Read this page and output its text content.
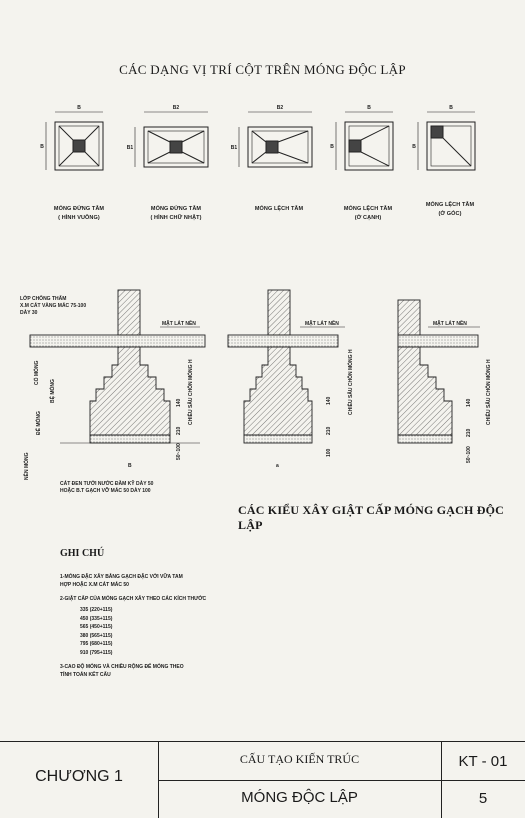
CÁC DẠNG VỊ TRÍ CỘT TRÊN MÓNG ĐỘC LẬP
B
B
B2
B1
B2
B1
B
B
B
B
MÓNG ĐỨNG TÂM
( HÌNH VUÔNG)
MÓNG ĐỨNG TÂM
( HÌNH CHỮ NHẬT)
MÓNG LỆCH TÂM	MÓNG LỆCH TÂM
(Ở CẠNH)
MÓNG LỆCH TÂM
(Ở GÓC)
LỚP CHỐNG THẤM
X.M CÁT VÀNG MÁC 75-100
DÀY 30
MẶT LÁT NỀN	MẶT LÁT NỀN	MẶT LÁT NỀN
B	a
CÁT ĐEN TƯỚI NƯỚC ĐẦM KỸ DÀY 50
HOẶC B.T GẠCH VỠ MÁC 50 DÀY 100
CỔ MÓNG
BỆ MÓNG
ĐẾ MÓNG
NỀN MÓNG
CHIỀU SÂU CHÔN MÓNG H	CHIỀU SÂU CHÔN MÓNG H	CHIỀU SÂU CHÔN MÓNG H
140
210
50~100
140
210
100
140
210
50~100
CÁC KIỂU XÂY GIẬT CẤP MÓNG GẠCH ĐỘC LẬP
GHI CHÚ
1-MÓNG ĐẶC XÂY BẰNG GẠCH ĐẶC VỚI VỮA TAM
HỢP HOẶC X.M CÁT MÁC 50
2-GIẬT CẤP CỦA MÓNG GẠCH XÂY THEO CÁC KÍCH THƯỚC
335 (220+115)
450 (335+115)
565 (450+115)
380 (565+115)
795 (680+115)
910 (795+115)
3-CAO ĐỘ MÓNG VÀ CHIỀU RỘNG ĐẾ MÓNG THEO
TÍNH TOÁN KẾT CẤU
CHƯƠNG 1
CẤU TẠO KIẾN TRÚC
MÓNG ĐỘC LẬP
KT - 01
5
